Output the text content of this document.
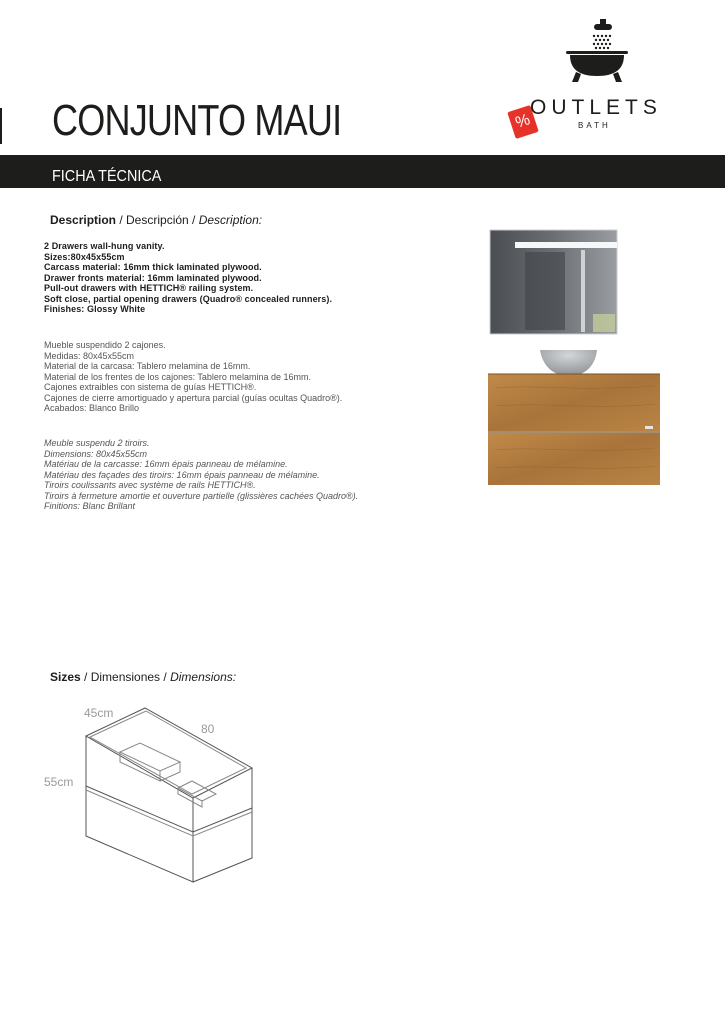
CONJUNTO MAUI	%
OUTLETS
BATH
FICHA TÉCNICA
Description / Descripción / Description:

2 Drawers wall-hung vanity.

Sizes:80x45x55cm

Carcass material: 16mm thick laminated plywood.

Drawer fronts material: 16mm laminated plywood.

Pull-out drawers with HETTICH® railing system.

Soft close, partial opening drawers (Quadro® concealed runners).

Finishes: Glossy White

Mueble suspendido 2 cajones.

Medidas: 80x45x55cm

Material de la carcasa: Tablero melamina de 16mm.

Material de los frentes de los cajones: Tablero melamina de 16mm.

Cajones extraibles con sistema de guías HETTICH®.

Cajones de cierre amortiguado y apertura parcial (guías ocultas Quadro®).

Acabados: Blanco Brillo

Meuble suspendu 2 tiroirs.

Dimensions: 80x45x55cm

Matériau de la carcasse: 16mm épais panneau de mélamine.

Matériau des façades des tiroirs: 16mm épais panneau de mélamine.

Tiroirs coulissants avec système de rails HETTICH®.

Tiroirs à fermeture amortie et ouverture partielle (glissières cachées Quadro®).

Finitions: Blanc Brillant

Sizes / Dimensiones / Dimensions:
45cm
80
55cm
